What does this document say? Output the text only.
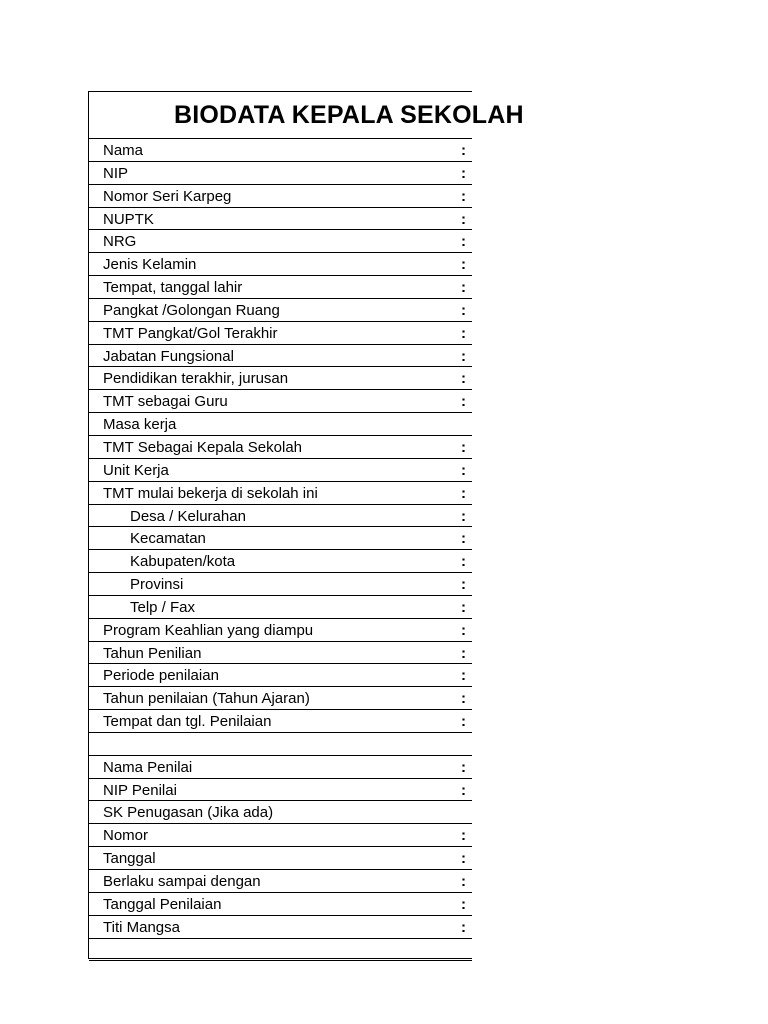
BIODATA KEPALA SEKOLAH
Nama	:
NIP	:
Nomor Seri Karpeg	:
NUPTK	:
NRG	:
Jenis Kelamin	:
Tempat, tanggal lahir	:
Pangkat /Golongan Ruang	:
TMT Pangkat/Gol Terakhir	:
Jabatan Fungsional	:
Pendidikan terakhir, jurusan	:
TMT sebagai Guru	:
Masa kerja
TMT Sebagai Kepala Sekolah	:
Unit Kerja	:
TMT mulai bekerja di sekolah ini	:
Desa / Kelurahan	:
Kecamatan	:
Kabupaten/kota	:
Provinsi	:
Telp / Fax	:
Program Keahlian yang diampu	:
Tahun Penilian	:
Periode penilaian	:
Tahun penilaian (Tahun Ajaran)	:
Tempat dan tgl. Penilaian	:
Nama Penilai	:
NIP Penilai	:
SK Penugasan (Jika ada)
Nomor	:
Tanggal	:
Berlaku sampai dengan	:
Tanggal Penilaian	:
Titi Mangsa	:
